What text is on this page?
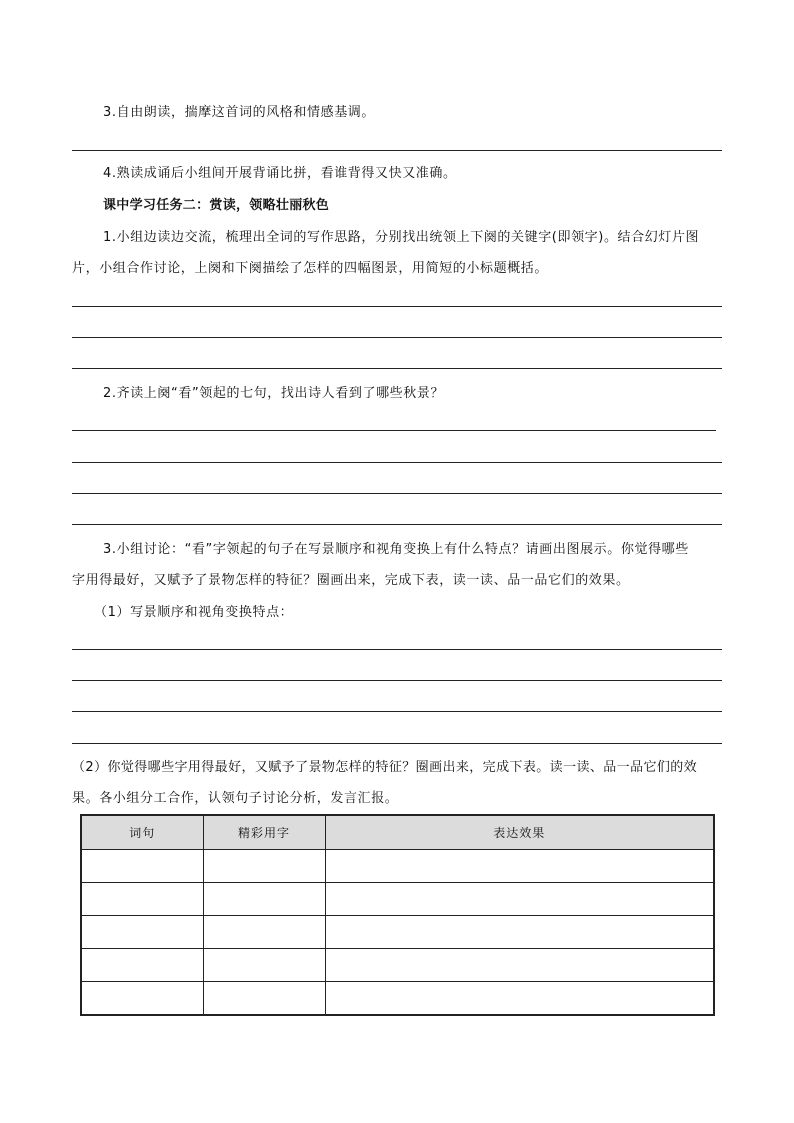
3.自由朗读，揣摩这首词的风格和情感基调。
4.熟读成诵后小组间开展背诵比拼，看谁背得又快又准确。
课中学习任务二：赏读，领略壮丽秋色
1.小组边读边交流，梳理出全词的写作思路，分别找出统领上下阕的关键字(即领字)。结合幻灯片图
片，小组合作讨论，上阕和下阕描绘了怎样的四幅图景，用简短的小标题概括。
2.齐读上阕“看”领起的七句，找出诗人看到了哪些秋景？
3.小组讨论：“看”字领起的句子在写景顺序和视角变换上有什么特点？请画出图展示。你觉得哪些
字用得最好，又赋予了景物怎样的特征？圈画出来，完成下表，读一读、品一品它们的效果。
（1）写景顺序和视角变换特点：
（2）你觉得哪些字用得最好，又赋予了景物怎样的特征？圈画出来，完成下表。读一读、品一品它们的效
果。各小组分工合作，认领句子讨论分析，发言汇报。
词句	精彩用字	表达效果
